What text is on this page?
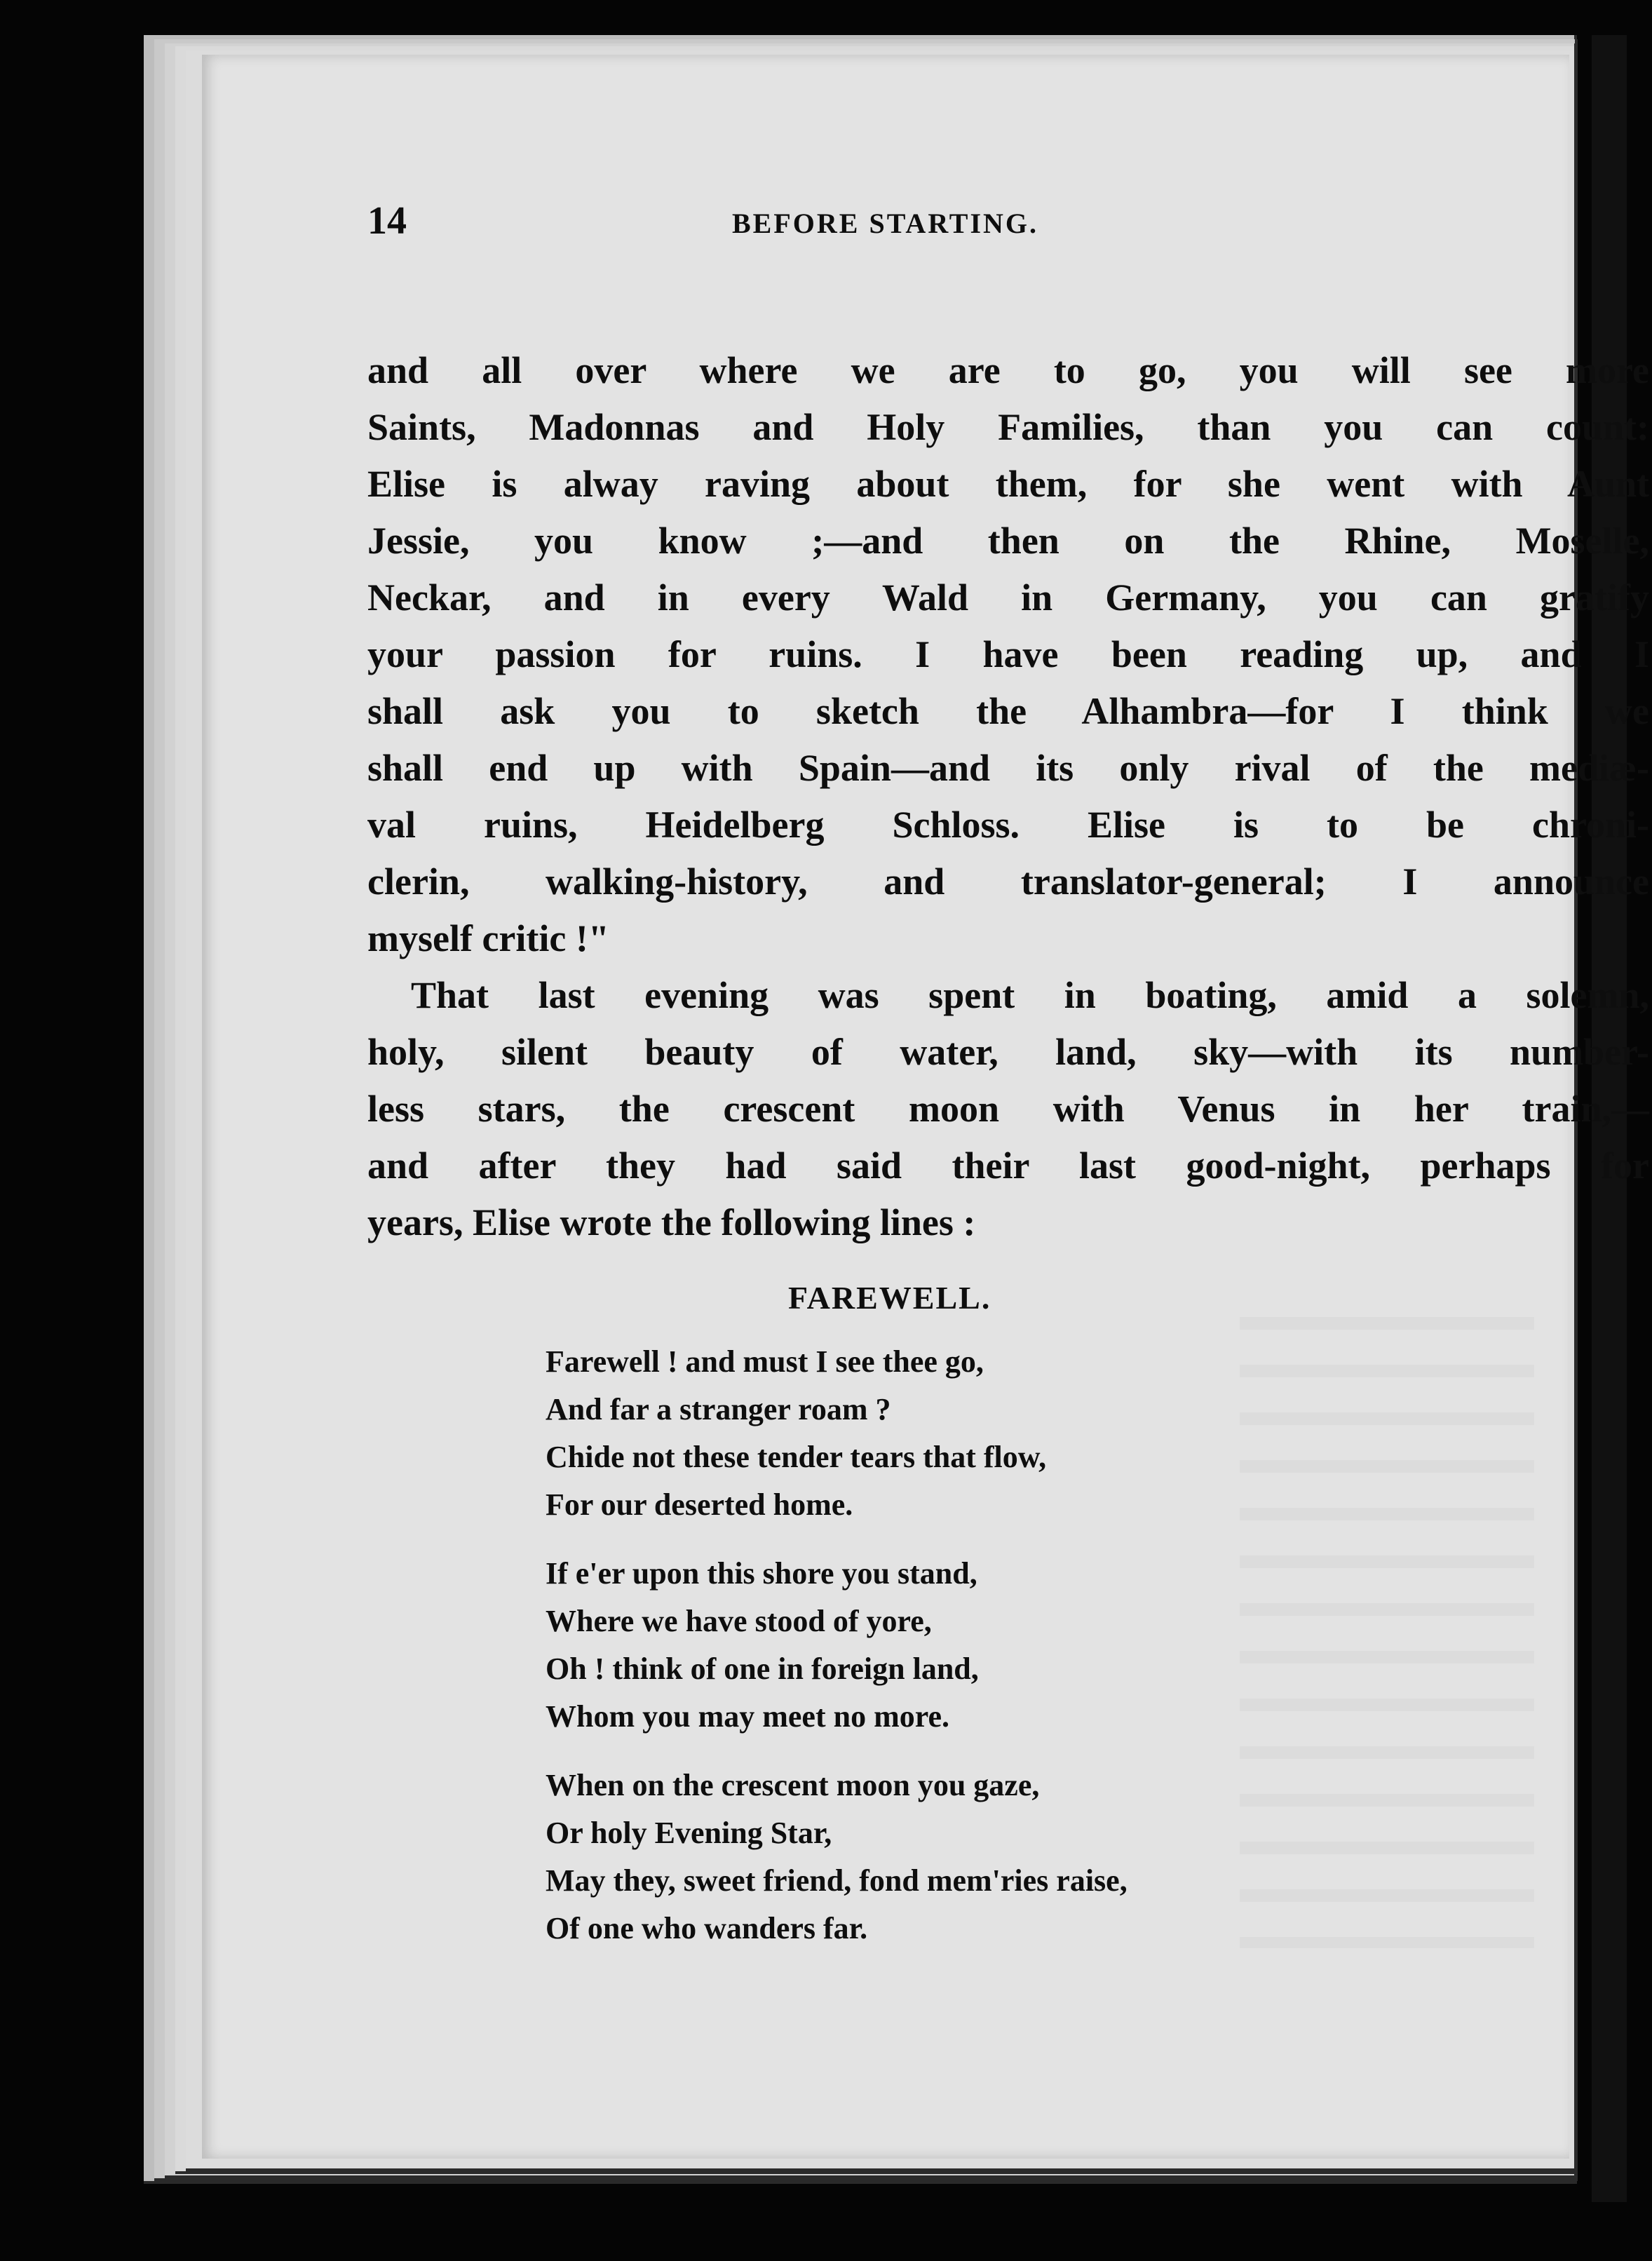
14	BEFORE STARTING.
and all over where we are to go, you will see more
Saints, Madonnas and Holy Families, than you can count:
Elise is alway raving about them, for she went with Aunt
Jessie, you know ;—and then on the Rhine, Moselle,
Neckar, and in every Wald in Germany, you can gratify
your passion for ruins. I have been reading up, and I
shall ask you to sketch the Alhambra—for I think we
shall end up with Spain—and its only rival of the mediæ-
val ruins, Heidelberg Schloss. Elise is to be chroni-
clerin, walking-history, and translator-general; I announce
myself critic !"
That last evening was spent in boating, amid a solemn,
holy, silent beauty of water, land, sky—with its number-
less stars, the crescent moon with Venus in her train,—
and after they had said their last good-night, perhaps for
years, Elise wrote the following lines :
FAREWELL.
Farewell ! and must I see thee go,
And far a stranger roam ?
Chide not these tender tears that flow,
For our deserted home.
If e'er upon this shore you stand,
Where we have stood of yore,
Oh ! think of one in foreign land,
Whom you may meet no more.
When on the crescent moon you gaze,
Or holy Evening Star,
May they, sweet friend, fond mem'ries raise,
Of one who wanders far.
